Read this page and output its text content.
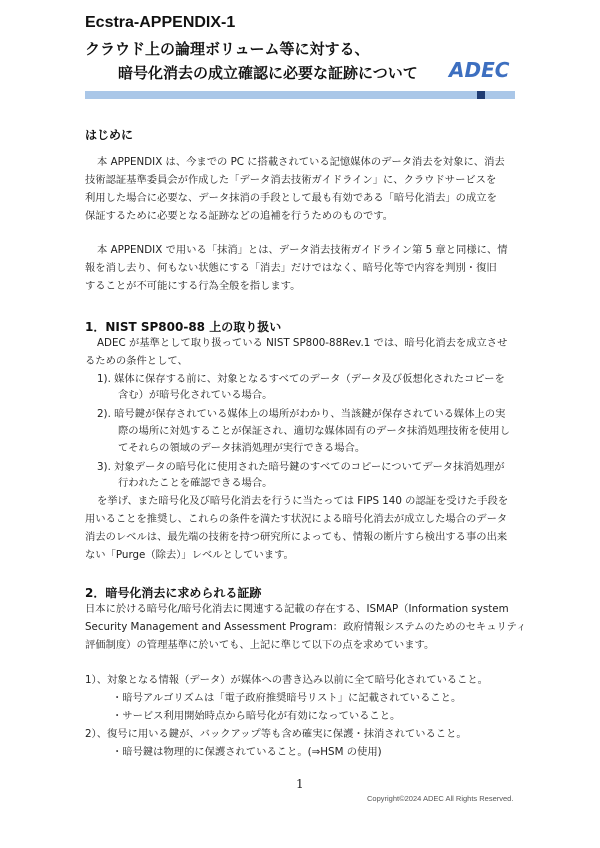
Ecstra-APPENDIX-1
クラウド上の論理ボリューム等に対する、
暗号化消去の成立確認に必要な証跡について ADEC
はじめに
本 APPENDIX は、今までの PC に搭載されている記憶媒体のデータ消去を対象に、消去
技術認証基準委員会が作成した「データ消去技術ガイドライン」に、クラウドサービスを
利用した場合に必要な、データ抹消の手段として最も有効である「暗号化消去」の成立を
保証するために必要となる証跡などの追補を行うためのものです。
本 APPENDIX で用いる「抹消」とは、データ消去技術ガイドライン第 5 章と同様に、情
報を消し去り、何もない状態にする「消去」だけではなく、暗号化等で内容を判別・復旧
することが不可能にする行為全般を指します。
1．NIST SP800-88 上の取り扱い
ADEC が基準として取り扱っている NIST SP800-88Rev.1 では、暗号化消去を成立させ
るための条件として、
1). 媒体に保存する前に、対象となるすべてのデータ（データ及び仮想化されたコピーを
含む）が暗号化されている場合。
2). 暗号鍵が保存されている媒体上の場所がわかり、当該鍵が保存されている媒体上の実
際の場所に対処することが保証され、適切な媒体固有のデータ抹消処理技術を使用し
てそれらの領域のデータ抹消処理が実行できる場合。
3). 対象データの暗号化に使用された暗号鍵のすべてのコピーについてデータ抹消処理が
行われたことを確認できる場合。
を挙げ、また暗号化及び暗号化消去を行うに当たっては FIPS 140 の認証を受けた手段を
用いることを推奨し、これらの条件を満たす状況による暗号化消去が成立した場合のデータ
消去のレベルは、最先端の技術を持つ研究所によっても、情報の断片すら検出する事の出来
ない「Purge（除去）」レベルとしています。
2．暗号化消去に求められる証跡
日本に於ける暗号化/暗号化消去に関連する記載の存在する、ISMAP（Information system
Security Management and Assessment Program：政府情報システムのためのセキュリティ
評価制度）の管理基準に於いても、上記に準じて以下の点を求めています。
1）、対象となる情報（データ）が媒体への書き込み以前に全て暗号化されていること。
・暗号アルゴリズムは「電子政府推奨暗号リスト」に記載されていること。
・サービス利用開始時点から暗号化が有効になっていること。
2）、復号に用いる鍵が、バックアップ等も含め確実に保護・抹消されていること。
・暗号鍵は物理的に保護されていること。(⇒HSM の使用)
1
Copyright©2024 ADEC All Rights Reserved.
